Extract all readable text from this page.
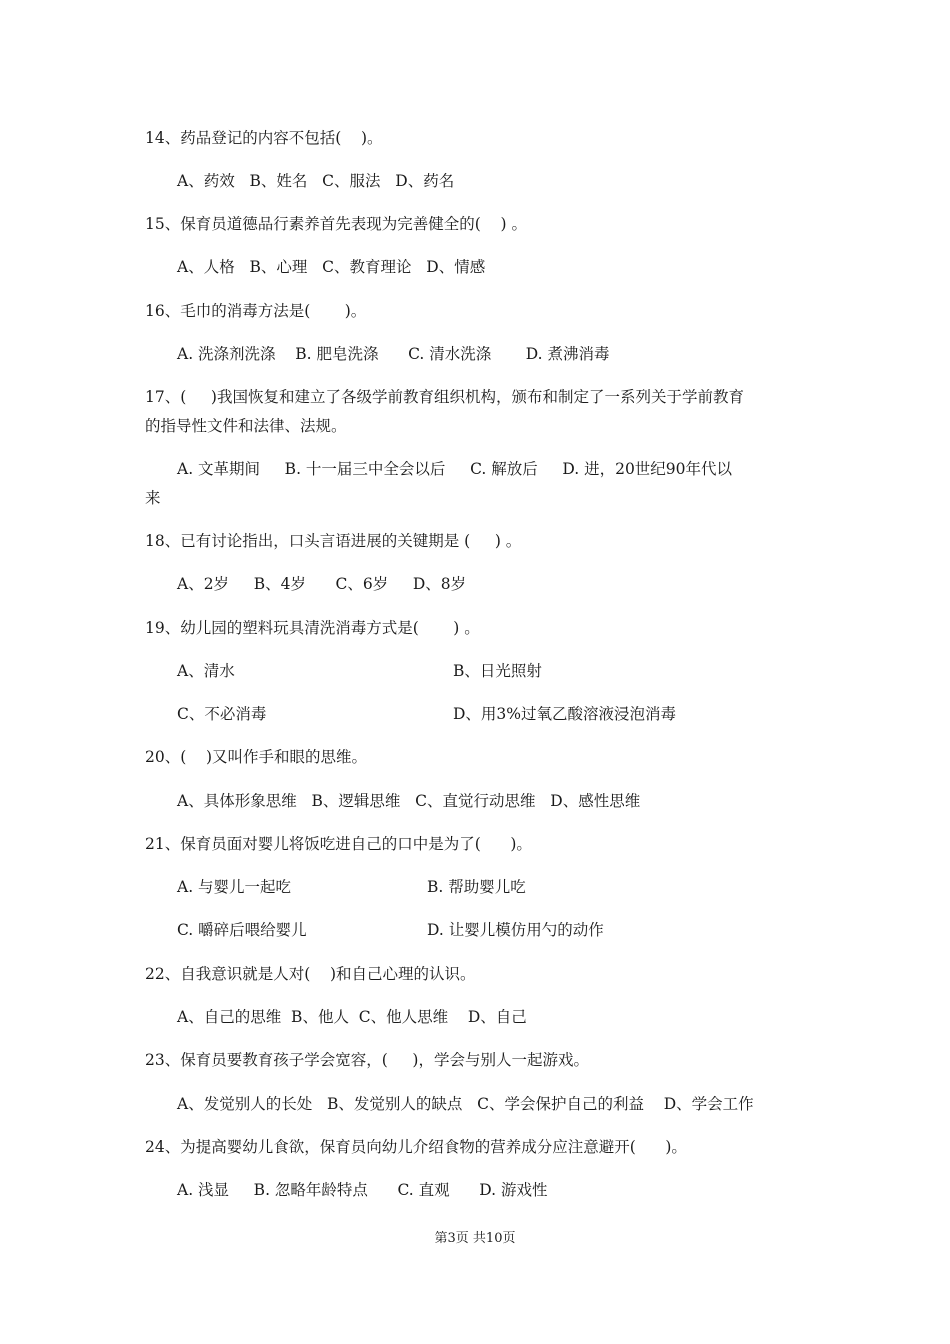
14、药品登记的内容不包括(    )。
A、药效   B、姓名   C、服法   D、药名
15、保育员道德品行素养首先表现为完善健全的(    ) 。
A、人格   B、心理   C、教育理论   D、情感
16、毛巾的消毒方法是(       )。
A. 洗涤剂洗涤    B. 肥皂洗涤      C. 清水洗涤       D. 煮沸消毒
17、(     )我国恢复和建立了各级学前教育组织机构，颁布和制定了一系列关于学前教育
的指导性文件和法律、法规。
A. 文革期间     B. 十一届三中全会以后     C. 解放后     D. 进，20世纪90年代以
来
18、已有讨论指出，口头言语进展的关键期是 (     ) 。
A、2岁     B、4岁      C、6岁     D、8岁
19、幼儿园的塑料玩具清洗消毒方式是(       ) 。
A、清水	B、日光照射
C、不必消毒	D、用3%过氧乙酸溶液浸泡消毒
20、(    )又叫作手和眼的思维。
A、具体形象思维   B、逻辑思维   C、直觉行动思维   D、感性思维
21、保育员面对婴儿将饭吃进自己的口中是为了(      )。
A. 与婴儿一起吃	B. 帮助婴儿吃
C. 嚼碎后喂给婴儿	D. 让婴儿模仿用勺的动作
22、自我意识就是人对(    )和自己心理的认识。
A、自己的思维  B、他人  C、他人思维    D、自己
23、保育员要教育孩子学会宽容，(     )，学会与别人一起游戏。
A、发觉别人的长处   B、发觉别人的缺点   C、学会保护自己的利益    D、学会工作
24、为提高婴幼儿食欲，保育员向幼儿介绍食物的营养成分应注意避开(      )。
A. 浅显     B. 忽略年龄特点      C. 直观      D. 游戏性
第3页 共10页
